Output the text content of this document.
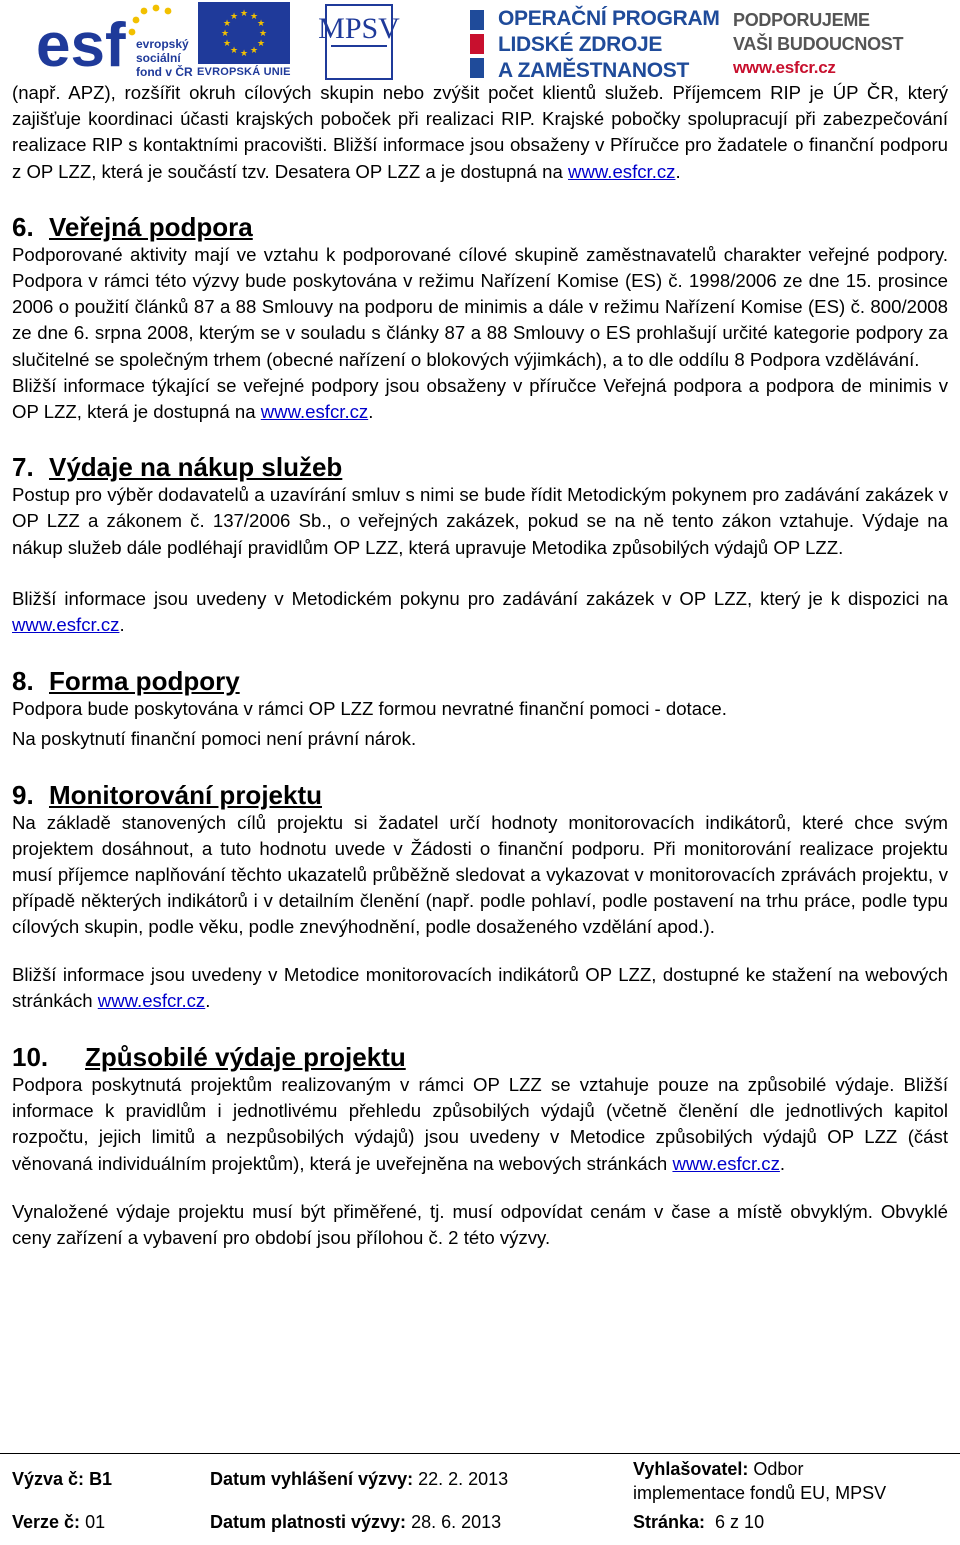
esf evropský
sociální
fond v ČR
★ ★
★
★
★
★
★
★
★
★
★
★
EVROPSKÁ UNIE
MPSV	OPERAČNÍ PROGRAM
LIDSKÉ ZDROJE
A ZAMĚSTNANOST
PODPORUJEME
VAŠI BUDOUCNOST
www.esfcr.cz

(např. APZ), rozšířit okruh cílových skupin nebo zvýšit počet klientů služeb. Příjemcem RIP je ÚP ČR, který zajišťuje koordinaci účasti krajských poboček při realizaci RIP. Krajské pobočky spolupracují při zabezpečování realizace RIP s kontaktními pracovišti. Bližší informace jsou obsaženy v Příručce pro žadatele o finanční podporu z OP LZZ, která je součástí tzv. Desatera OP LZZ a je dostupná na www.esfcr.cz.

6. Veřejná podpora

Podporované aktivity mají ve vztahu k podporované cílové skupině zaměstnavatelů charakter veřejné podpory. Podpora v rámci této výzvy bude poskytována v režimu Nařízení Komise (ES) č. 1998/2006 ze dne 15. prosince 2006 o použití článků 87 a 88 Smlouvy na podporu de minimis a dále v režimu Nařízení Komise (ES) č. 800/2008 ze dne 6. srpna 2008, kterým se v souladu s články 87 a 88 Smlouvy o ES prohlašují určité kategorie podpory za slučitelné se společným trhem (obecné nařízení o blokových výjimkách), a to dle oddílu 8 Podpora vzdělávání.

Bližší informace týkající se veřejné podpory jsou obsaženy v příručce Veřejná podpora a podpora de minimis v OP LZZ, která je dostupná na www.esfcr.cz.

7. Výdaje na nákup služeb

Postup pro výběr dodavatelů a uzavírání smluv s nimi se bude řídit Metodickým pokynem pro zadávání zakázek v OP LZZ a zákonem č. 137/2006 Sb., o veřejných zakázek, pokud se na ně tento zákon vztahuje. Výdaje na nákup služeb dále podléhají pravidlům OP LZZ, která upravuje Metodika způsobilých výdajů OP LZZ.

Bližší informace jsou uvedeny v Metodickém pokynu pro zadávání zakázek v OP LZZ, který je k dispozici na www.esfcr.cz.

8. Forma podpory

Podpora bude poskytována v rámci OP LZZ formou nevratné finanční pomoci - dotace.

Na poskytnutí finanční pomoci není právní nárok.

9. Monitorování projektu

Na základě stanovených cílů projektu si žadatel určí hodnoty monitorovacích indikátorů, které chce svým projektem dosáhnout, a tuto hodnotu uvede v Žádosti o finanční podporu. Při monitorování realizace projektu musí příjemce naplňování těchto ukazatelů průběžně sledovat a vykazovat v monitorovacích zprávách projektu, v případě některých indikátorů i v detailním členění (např. podle pohlaví, podle postavení na trhu práce, podle typu cílových skupin, podle věku, podle znevýhodnění, podle dosaženého vzdělání apod.).

Bližší informace jsou uvedeny v Metodice monitorovacích indikátorů OP LZZ, dostupné ke stažení na webových stránkách www.esfcr.cz.

10. Způsobilé výdaje projektu

Podpora poskytnutá projektům realizovaným v rámci OP LZZ se vztahuje pouze na způsobilé výdaje. Bližší informace k pravidlům i jednotlivému přehledu způsobilých výdajů (včetně členění dle jednotlivých kapitol rozpočtu, jejich limitů a nezpůsobilých výdajů) jsou uvedeny v Metodice způsobilých výdajů OP LZZ (část věnovaná individuálním projektům), která je uveřejněna na webových stránkách www.esfcr.cz.

Vynaložené výdaje projektu musí být přiměřené, tj. musí odpovídat cenám v čase a místě obvyklým. Obvyklé ceny zařízení a vybavení pro období jsou přílohou č. 2 této výzvy.

Výzva č: B1	Datum vyhlášení výzvy: 22. 2. 2013	Vyhlašovatel: Odbor
implementace fondů EU, MPSV
Verze č: 01	Datum platnosti výzvy: 28. 6. 2013	Stránka: 6 z 10
